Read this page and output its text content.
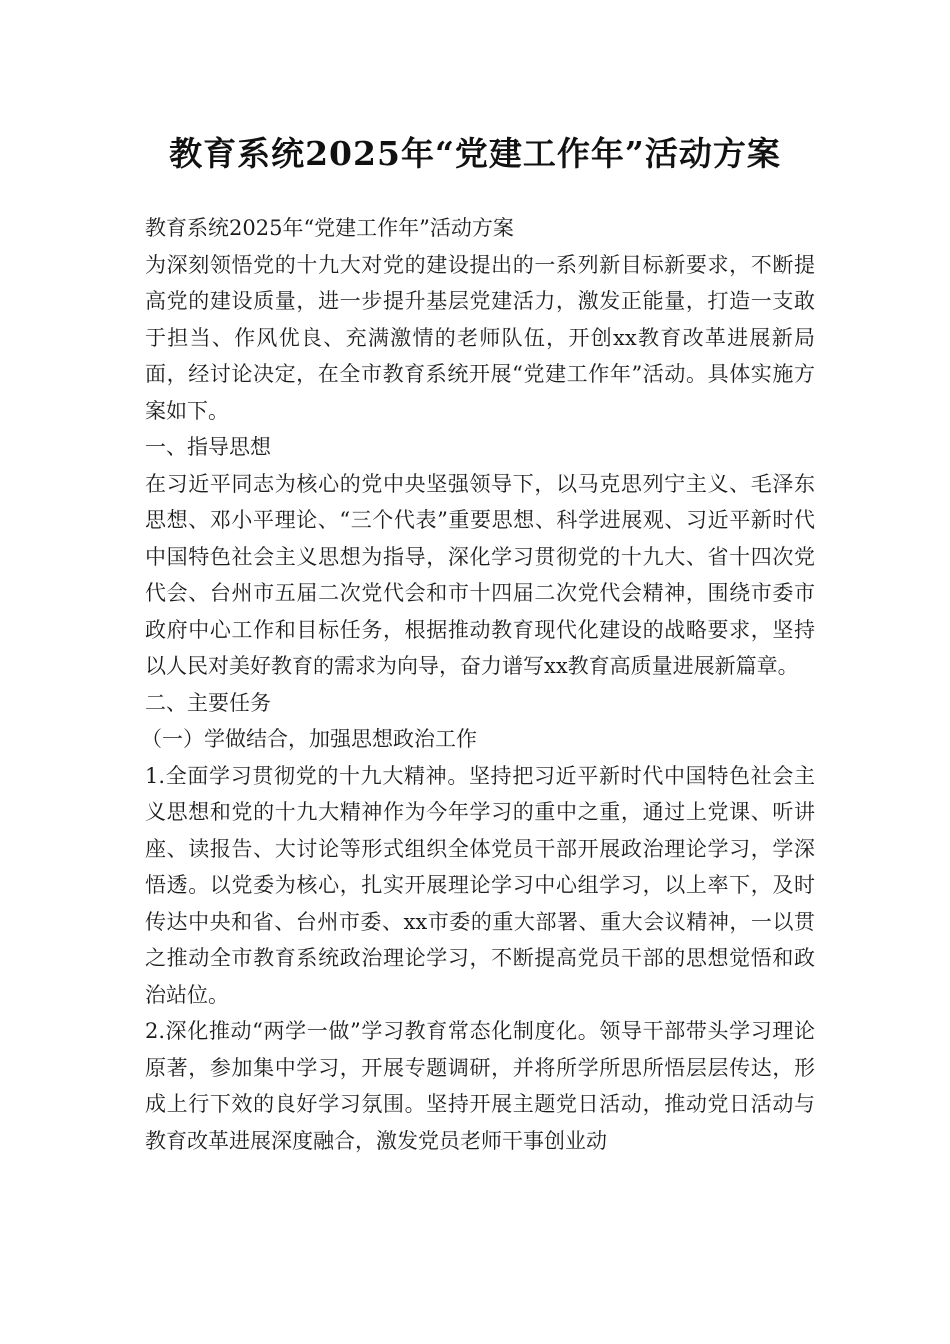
教育系统2025年“党建工作年”活动方案

教育系统2025年“党建工作年”活动方案

为深刻领悟党的十九大对党的建设提出的一系列新目标新要求，不断提高党的建设质量，进一步提升基层党建活力，激发正能量，打造一支敢于担当、作风优良、充满激情的老师队伍，开创xx教育改革进展新局面，经讨论决定，在全市教育系统开展“党建工作年”活动。具体实施方案如下。

一、指导思想

在习近平同志为核心的党中央坚强领导下，以马克思列宁主义、毛泽东思想、邓小平理论、“三个代表”重要思想、科学进展观、习近平新时代中国特色社会主义思想为指导，深化学习贯彻党的十九大、省十四次党代会、台州市五届二次党代会和市十四届二次党代会精神，围绕市委市政府中心工作和目标任务，根据推动教育现代化建设的战略要求，坚持以人民对美好教育的需求为向导，奋力谱写xx教育高质量进展新篇章。

二、主要任务

（一）学做结合，加强思想政治工作

1.全面学习贯彻党的十九大精神。坚持把习近平新时代中国特色社会主义思想和党的十九大精神作为今年学习的重中之重，通过上党课、听讲座、读报告、大讨论等形式组织全体党员干部开展政治理论学习，学深悟透。以党委为核心，扎实开展理论学习中心组学习，以上率下，及时传达中央和省、台州市委、xx市委的重大部署、重大会议精神，一以贯之推动全市教育系统政治理论学习，不断提高党员干部的思想觉悟和政治站位。

2.深化推动“两学一做”学习教育常态化制度化。领导干部带头学习理论原著，参加集中学习，开展专题调研，并将所学所思所悟层层传达，形成上行下效的良好学习氛围。坚持开展主题党日活动，推动党日活动与教育改革进展深度融合，激发党员老师干事创业动
